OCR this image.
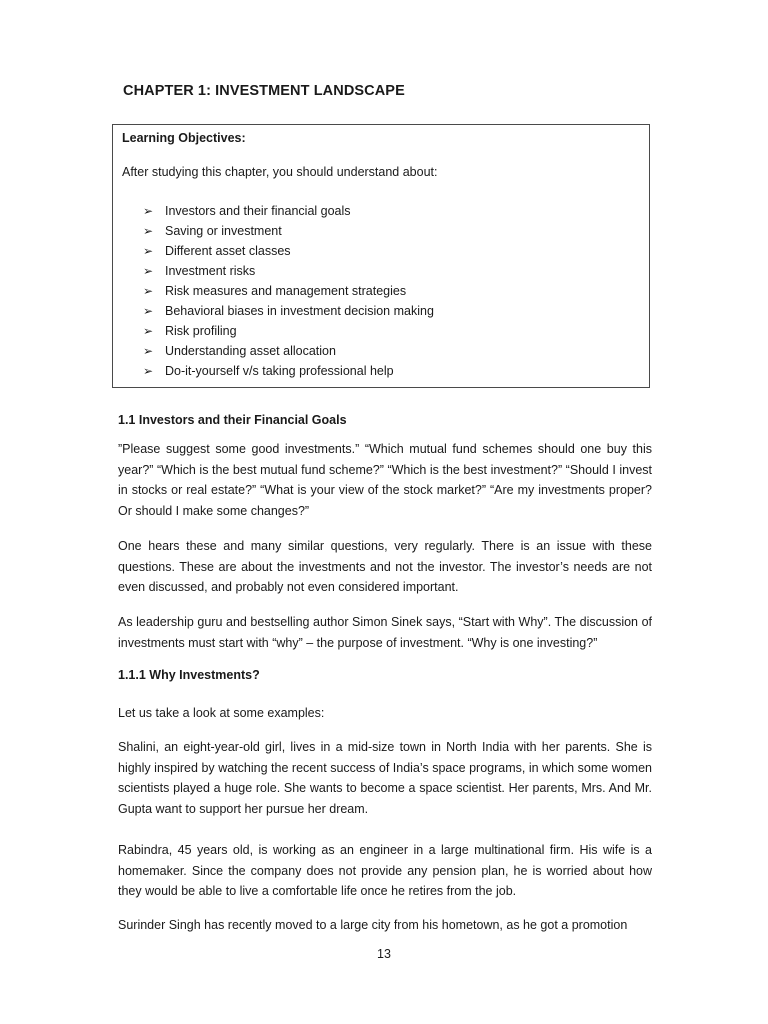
CHAPTER 1: INVESTMENT LANDSCAPE

Learning Objectives:

After studying this chapter, you should understand about:

➢ Investors and their financial goals
➢ Saving or investment
➢ Different asset classes
➢ Investment risks
➢ Risk measures and management strategies
➢ Behavioral biases in investment decision making
➢ Risk profiling
➢ Understanding asset allocation
➢ Do-it-yourself v/s taking professional help
1.1 Investors and their Financial Goals

”Please suggest some good investments.” “Which mutual fund schemes should one buy this year?” “Which is the best mutual fund scheme?” “Which is the best investment?” “Should I invest in stocks or real estate?” “What is your view of the stock market?” “Are my investments proper? Or should I make some changes?”

One hears these and many similar questions, very regularly. There is an issue with these questions. These are about the investments and not the investor. The investor’s needs are not even discussed, and probably not even considered important.

As leadership guru and bestselling author Simon Sinek says, “Start with Why”. The discussion of investments must start with “why” – the purpose of investment. “Why is one investing?”

1.1.1 Why Investments?

Let us take a look at some examples:

Shalini, an eight-year-old girl, lives in a mid-size town in North India with her parents. She is highly inspired by watching the recent success of India’s space programs, in which some women scientists played a huge role. She wants to become a space scientist. Her parents, Mrs. And Mr. Gupta want to support her pursue her dream.

Rabindra, 45 years old, is working as an engineer in a large multinational firm. His wife is a homemaker. Since the company does not provide any pension plan, he is worried about how they would be able to live a comfortable life once he retires from the job.

Surinder Singh has recently moved to a large city from his hometown, as he got a promotion

13
